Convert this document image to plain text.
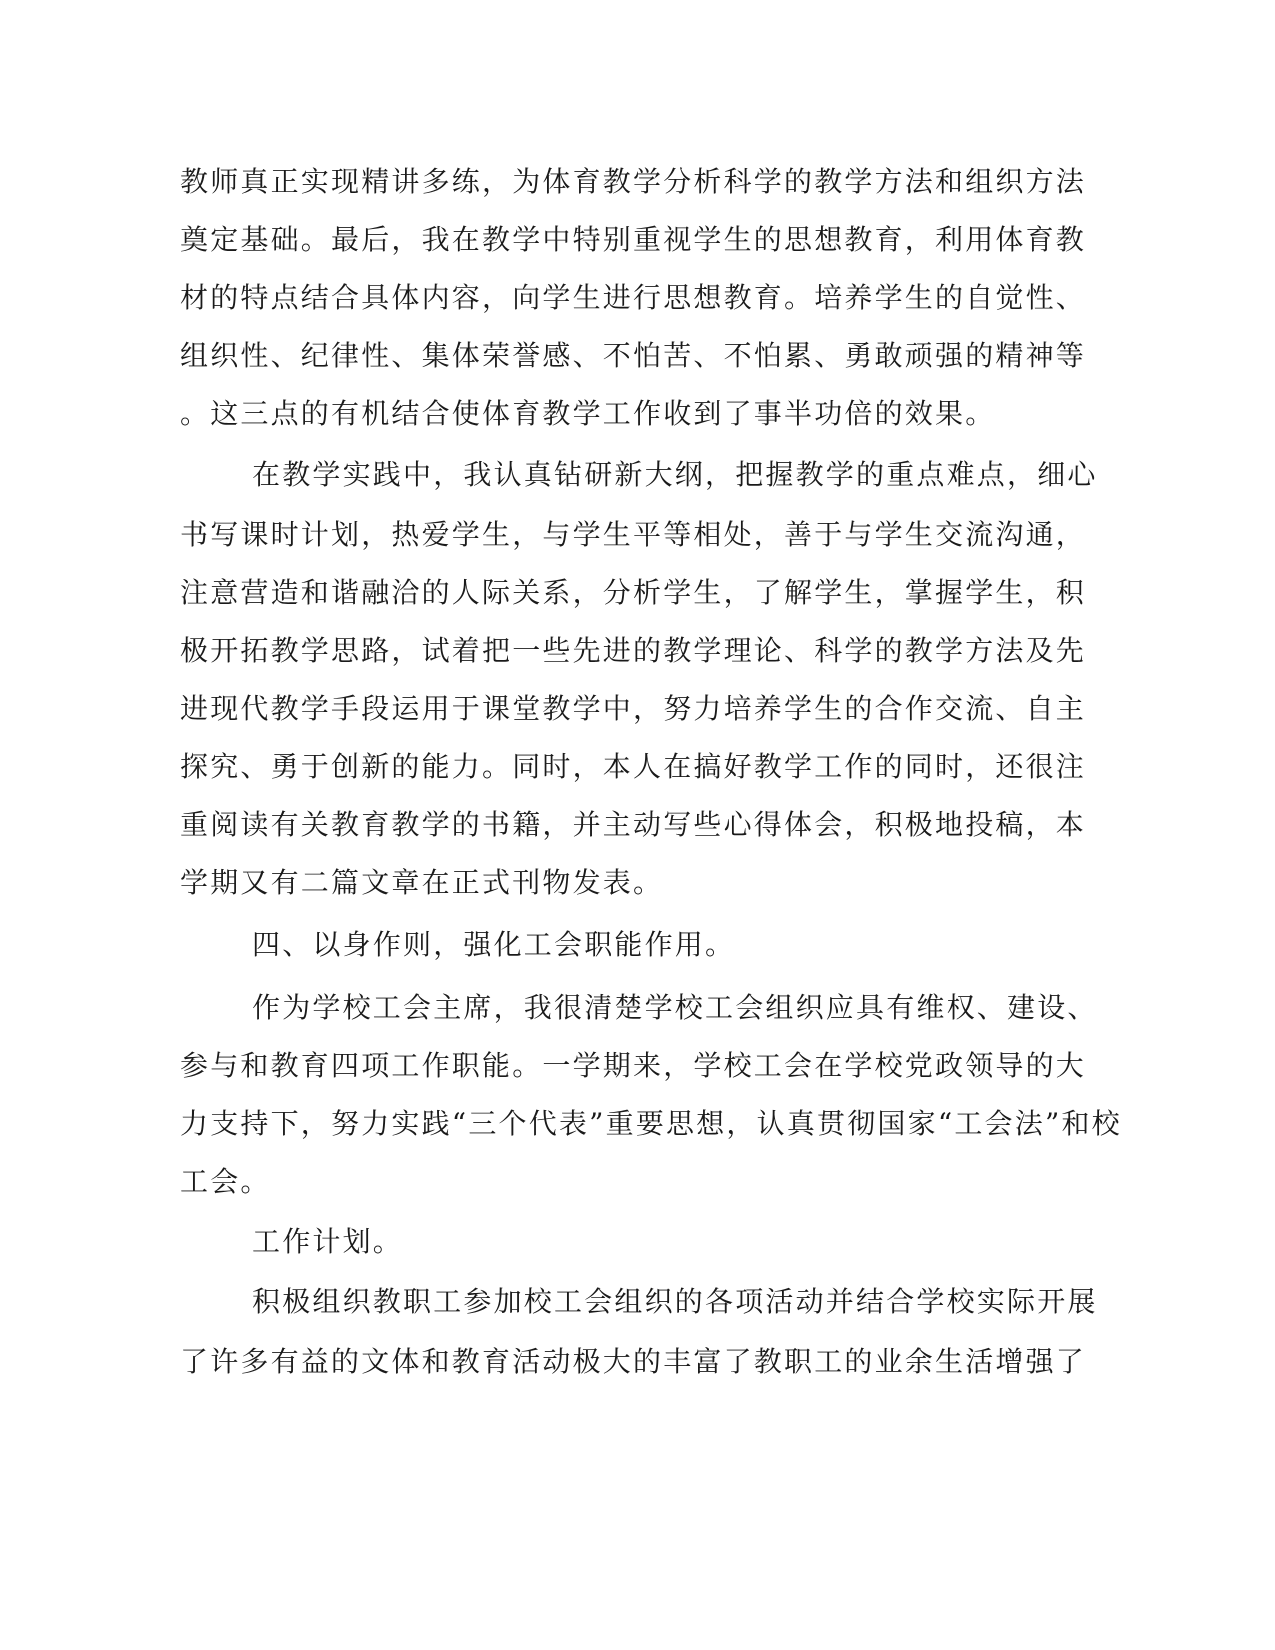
教师真正实现精讲多练，为体育教学分析科学的教学方法和组织方法
奠定基础。最后，我在教学中特别重视学生的思想教育，利用体育教
材的特点结合具体内容，向学生进行思想教育。培养学生的自觉性、
组织性、纪律性、集体荣誉感、不怕苦、不怕累、勇敢顽强的精神等
。这三点的有机结合使体育教学工作收到了事半功倍的效果。
在教学实践中，我认真钻研新大纲，把握教学的重点难点，细心
书写课时计划，热爱学生，与学生平等相处，善于与学生交流沟通，
注意营造和谐融洽的人际关系，分析学生，了解学生，掌握学生，积
极开拓教学思路，试着把一些先进的教学理论、科学的教学方法及先
进现代教学手段运用于课堂教学中，努力培养学生的合作交流、自主
探究、勇于创新的能力。同时，本人在搞好教学工作的同时，还很注
重阅读有关教育教学的书籍，并主动写些心得体会，积极地投稿，本
学期又有二篇文章在正式刊物发表。
四、以身作则，强化工会职能作用。
作为学校工会主席，我很清楚学校工会组织应具有维权、建设、
参与和教育四项工作职能。一学期来，学校工会在学校党政领导的大
力支持下，努力实践“三个代表”重要思想，认真贯彻国家“工会法”和校
工会。
工作计划。
积极组织教职工参加校工会组织的各项活动并结合学校实际开展
了许多有益的文体和教育活动极大的丰富了教职工的业余生活增强了
